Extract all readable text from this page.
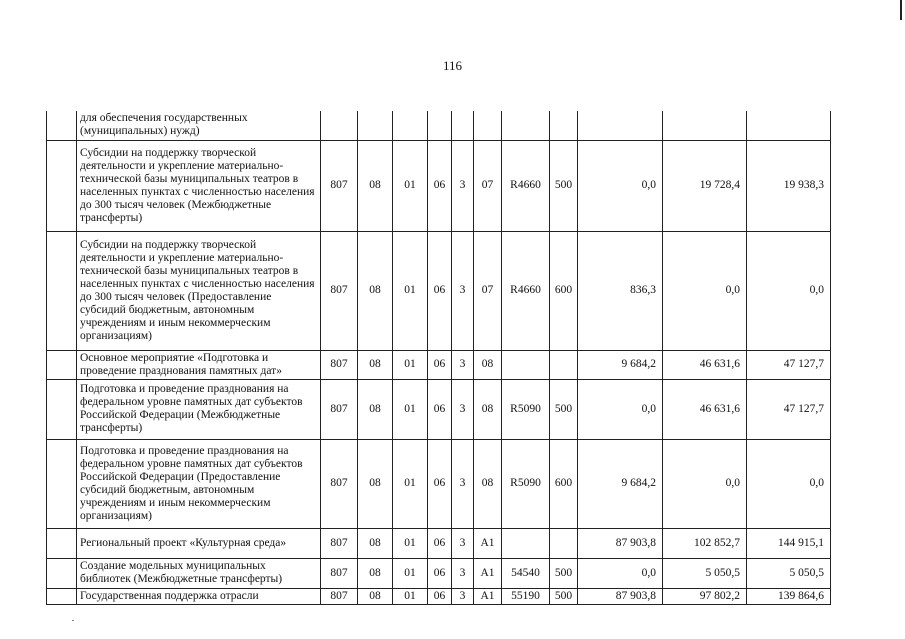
116
	для обеспечения государственных (муниципальных) нужд)											
	Субсидии на поддержку творческой деятельности и укрепление материально-технической базы муниципальных театров в населенных пунктах с численностью населения до 300 тысяч человек (Межбюджетные трансферты)	807	08	01	06	3	07	R4660	500	0,0	19 728,4	19 938,3
	Субсидии на поддержку творческой деятельности и укрепление материально-технической базы муниципальных театров в населенных пунктах с численностью населения до 300 тысяч человек (Предоставление субсидий бюджетным, автономным учреждениям и иным некоммерческим организациям)	807	08	01	06	3	07	R4660	600	836,3	0,0	0,0
	Основное мероприятие «Подготовка и проведение празднования памятных дат»	807	08	01	06	3	08			9 684,2	46 631,6	47 127,7
	Подготовка и проведение празднования на федеральном уровне памятных дат субъектов Российской Федерации (Межбюджетные трансферты)	807	08	01	06	3	08	R5090	500	0,0	46 631,6	47 127,7
	Подготовка и проведение празднования на федеральном уровне памятных дат субъектов Российской Федерации (Предоставление субсидий бюджетным, автономным учреждениям и иным некоммерческим организациям)	807	08	01	06	3	08	R5090	600	9 684,2	0,0	0,0
	Региональный проект «Культурная среда»	807	08	01	06	3	А1			87 903,8	102 852,7	144 915,1
	Создание модельных муниципальных библиотек (Межбюджетные трансферты)	807	08	01	06	3	А1	54540	500	0,0	5 050,5	5 050,5
	Государственная поддержка отрасли	807	08	01	06	3	А1	55190	500	87 903,8	97 802,2	139 864,6
